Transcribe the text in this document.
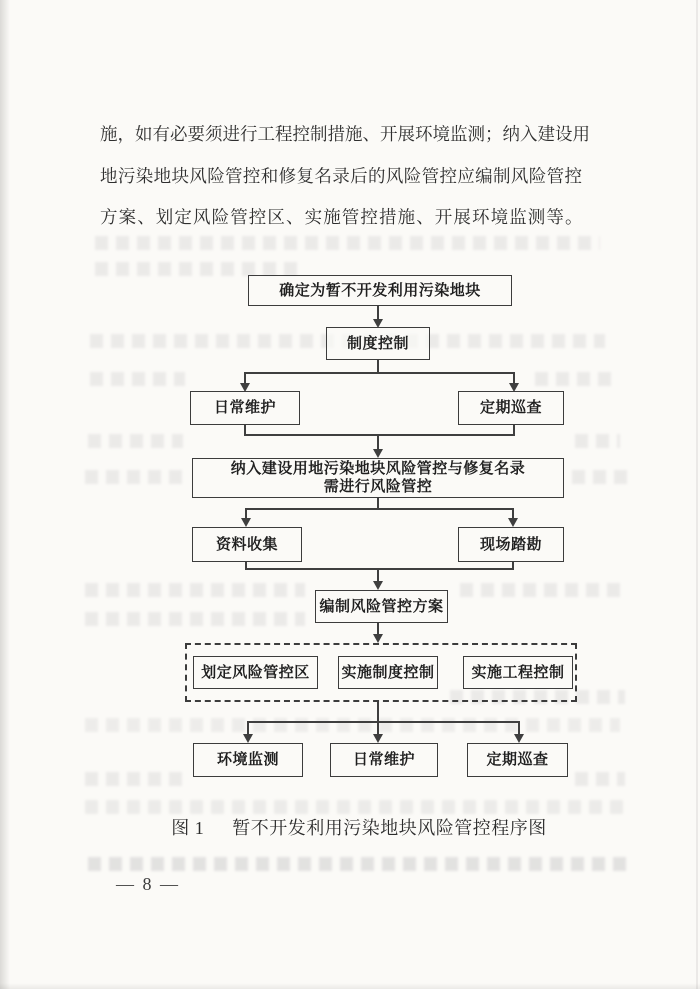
施，如有必要须进行工程控制措施、开展环境监测；纳入建设用
地污染地块风险管控和修复名录后的风险管控应编制风险管控
方案、划定风险管控区、实施管控措施、开展环境监测等。
确定为暂不开发利用污染地块
制度控制
日常维护	定期巡查
纳入建设用地污染地块风险管控与修复名录
需进行风险管控
资料收集	现场踏勘
编制风险管控方案
划定风险管控区	实施制度控制	实施工程控制
环境监测	日常维护	定期巡查
图 1 暂不开发利用污染地块风险管控程序图
— 8 —
